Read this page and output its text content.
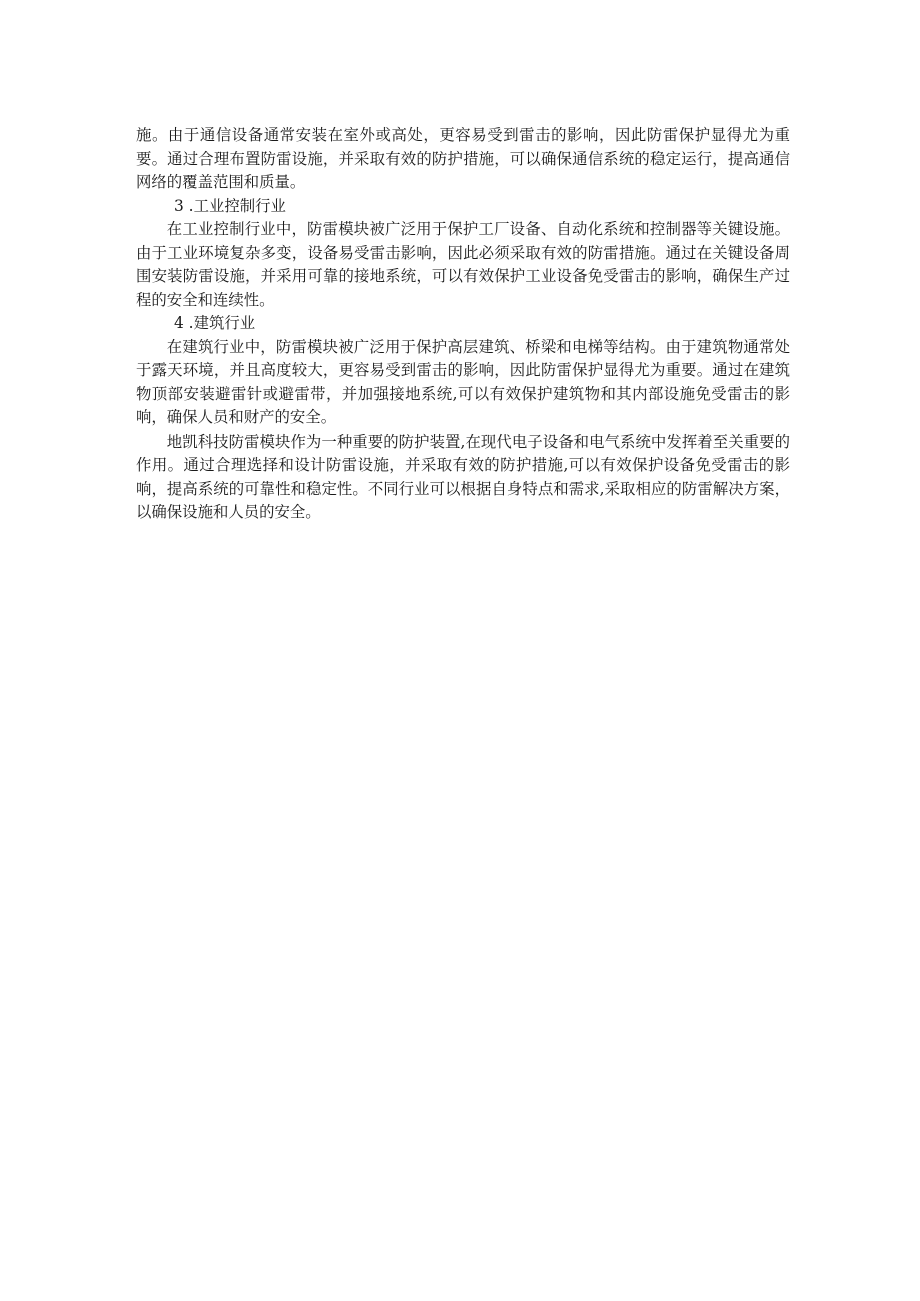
施。由于通信设备通常安装在室外或高处，更容易受到雷击的影响，因此防雷保护显得尤为重要。通过合理布置防雷设施，并采取有效的防护措施，可以确保通信系统的稳定运行，提高通信网络的覆盖范围和质量。

3 .工业控制行业

在工业控制行业中，防雷模块被广泛用于保护工厂设备、自动化系统和控制器等关键设施。由于工业环境复杂多变，设备易受雷击影响，因此必须采取有效的防雷措施。通过在关键设备周围安装防雷设施，并采用可靠的接地系统，可以有效保护工业设备免受雷击的影响，确保生产过程的安全和连续性。

4 .建筑行业

在建筑行业中，防雷模块被广泛用于保护高层建筑、桥梁和电梯等结构。由于建筑物通常处于露天环境，并且高度较大，更容易受到雷击的影响，因此防雷保护显得尤为重要。通过在建筑物顶部安装避雷针或避雷带，并加强接地系统,可以有效保护建筑物和其内部设施免受雷击的影响，确保人员和财产的安全。

地凯科技防雷模块作为一种重要的防护装置,在现代电子设备和电气系统中发挥着至关重要的作用。通过合理选择和设计防雷设施，并采取有效的防护措施,可以有效保护设备免受雷击的影响，提高系统的可靠性和稳定性。不同行业可以根据自身特点和需求,采取相应的防雷解决方案，以确保设施和人员的安全。
